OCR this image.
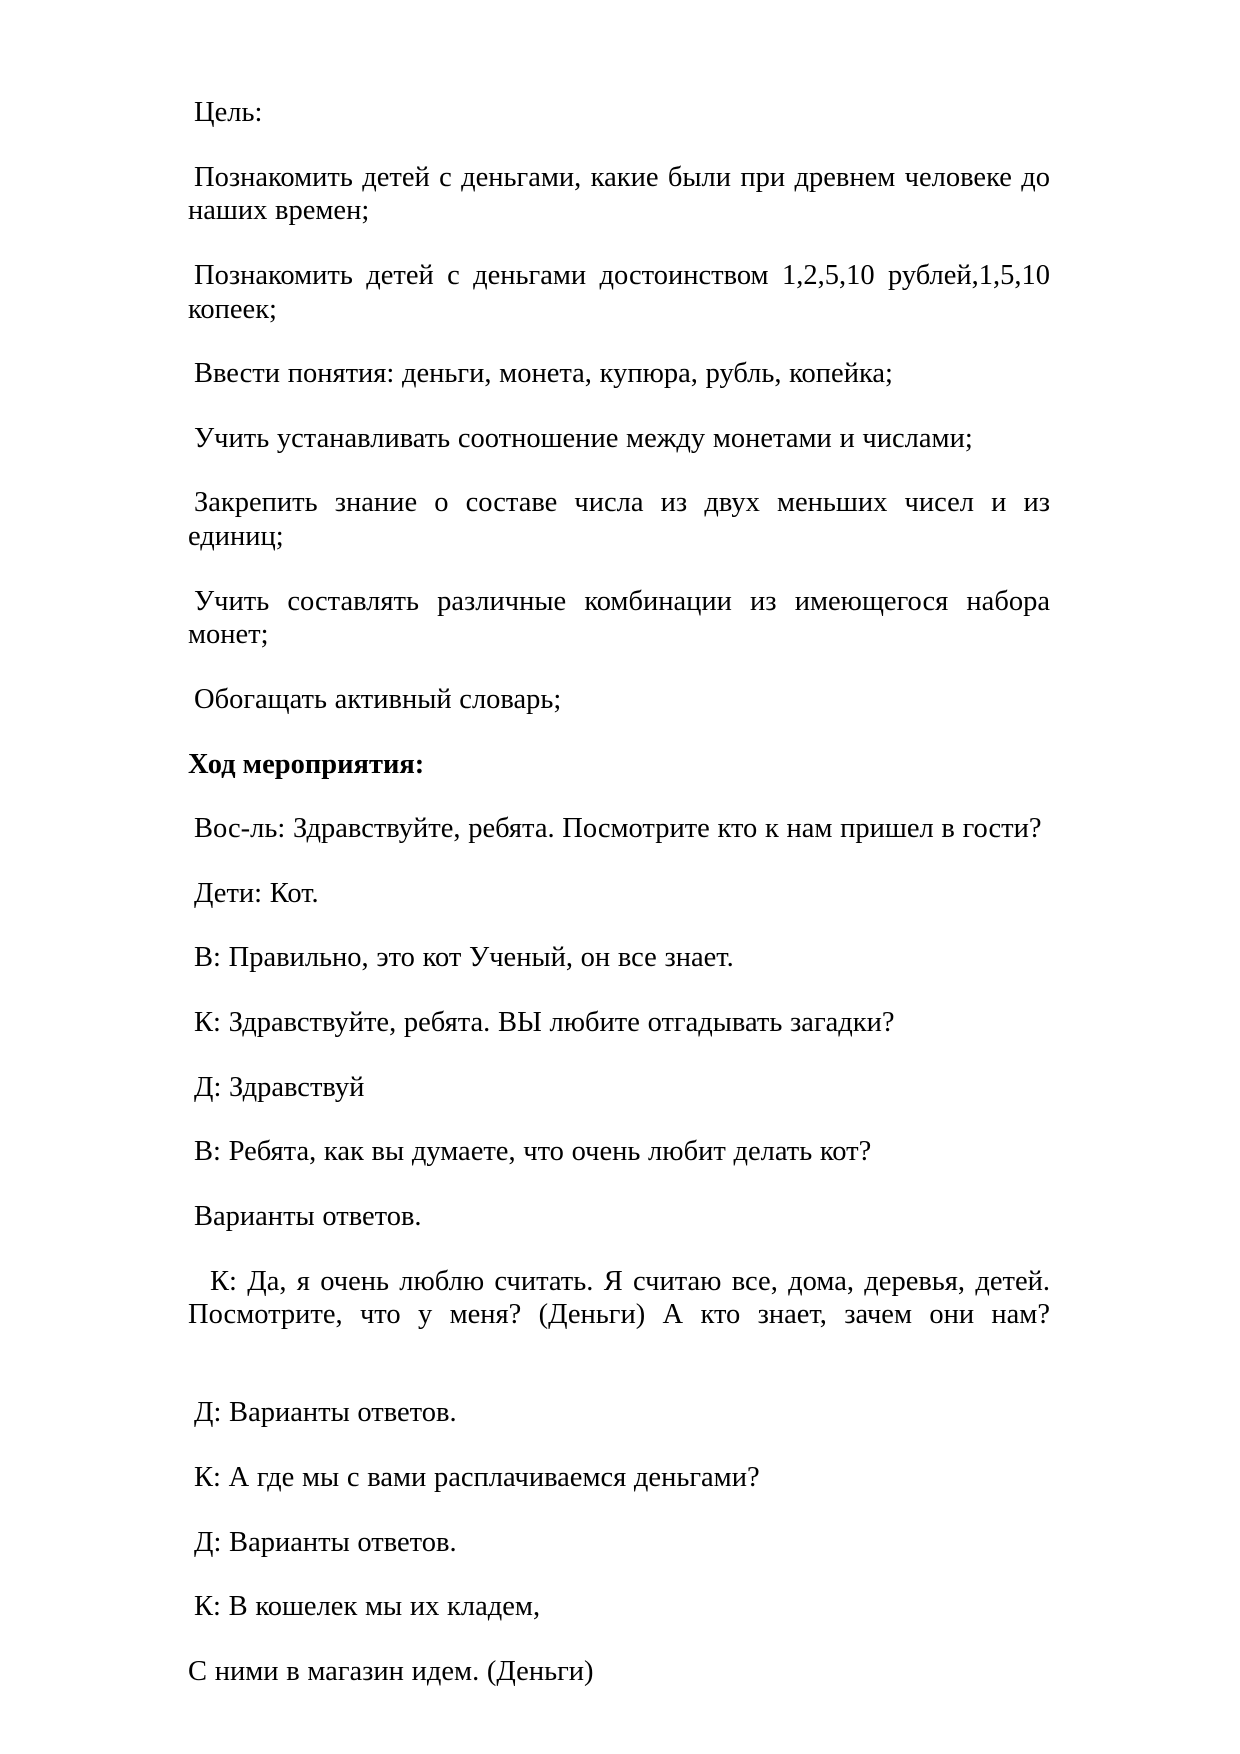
Цель:

Познакомить детей с деньгами, какие были при древнем человеке до наших времен;

Познакомить детей с деньгами достоинством 1,2,5,10 рублей,1,5,10 копеек;

Ввести понятия: деньги, монета, купюра, рубль, копейка;

Учить устанавливать соотношение между монетами и числами;

Закрепить знание о составе числа из двух меньших чисел и из единиц;

Учить составлять различные комбинации из имеющегося набора монет;

Обогащать активный словарь;

Ход мероприятия:

Вос-ль: Здравствуйте, ребята. Посмотрите кто к нам пришел в гости?

Дети: Кот.

В: Правильно, это кот Ученый, он все знает.

К: Здравствуйте, ребята. ВЫ любите отгадывать загадки?

Д: Здравствуй

В: Ребята, как вы думаете, что очень любит делать кот?

Варианты ответов.

К: Да, я очень люблю считать. Я считаю все, дома, деревья, детей. Посмотрите, что у меня? (Деньги) А кто знает, зачем они нам?

Д: Варианты ответов.

К: А где мы с вами расплачиваемся деньгами?

Д: Варианты ответов.

К: В кошелек мы их кладем,

С ними в магазин идем. (Деньги)
